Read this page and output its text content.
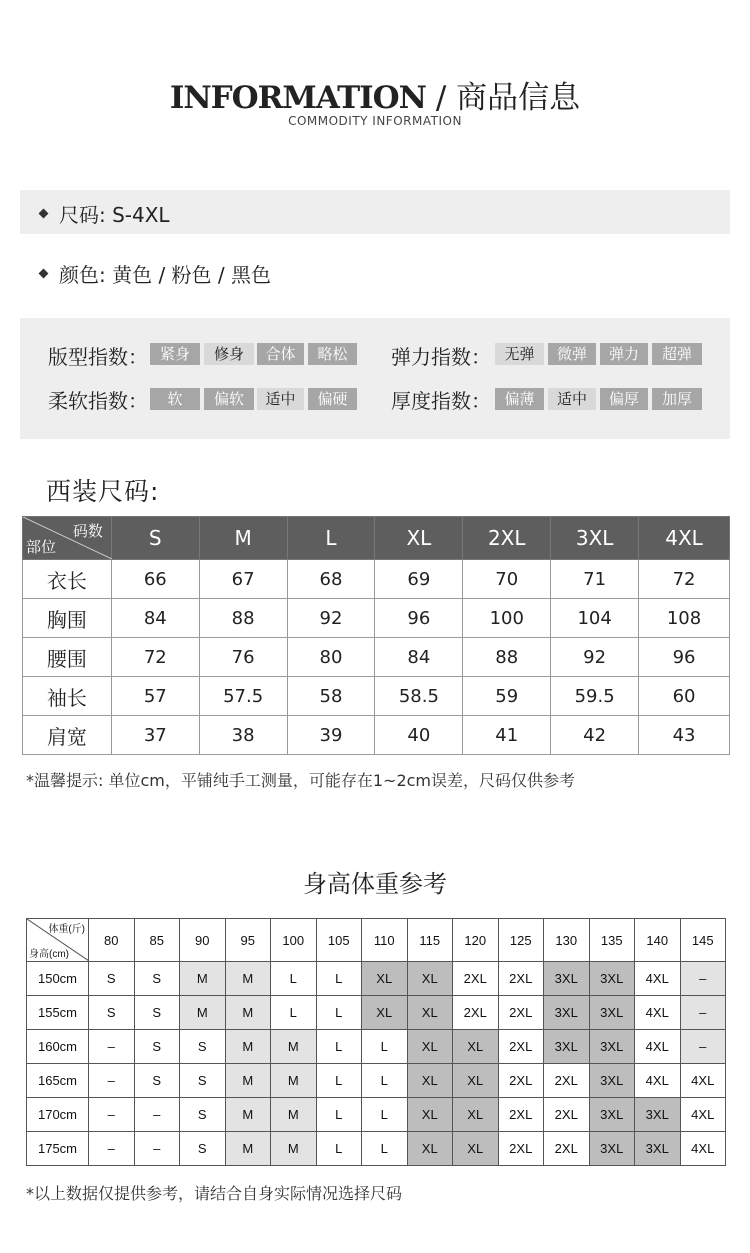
INFORMATION / 商品信息
COMMODITY INFORMATION
尺码: S-4XL
颜色: 黄色 / 粉色 / 黑色
版型指数：	弹力指数：
柔软指数：	厚度指数：
紧身	修身	合体	略松	无弹	微弹	弹力	超弹
软	偏软	适中	偏硬	偏薄	适中	偏厚	加厚
西装尺码:
码数
部位	S	M	L	XL	2XL	3XL	4XL
衣长	66	67	68	69	70	71	72
胸围	84	88	92	96	100	104	108
腰围	72	76	80	84	88	92	96
袖长	57	57.5	58	58.5	59	59.5	60
肩宽	37	38	39	40	41	42	43
*温馨提示: 单位cm，平铺纯手工测量，可能存在1~2cm误差，尺码仅供参考
身高体重参考
体重(斤)
身高(cm)	80	85	90	95	100	105	110	115	120	125	130	135	140	145
150cm	S	S	M	M	L	L	XL	XL	2XL	2XL	3XL	3XL	4XL	–
155cm	S	S	M	M	L	L	XL	XL	2XL	2XL	3XL	3XL	4XL	–
160cm	–	S	S	M	M	L	L	XL	XL	2XL	3XL	3XL	4XL	–
165cm	–	S	S	M	M	L	L	XL	XL	2XL	2XL	3XL	4XL	4XL
170cm	–	–	S	M	M	L	L	XL	XL	2XL	2XL	3XL	3XL	4XL
175cm	–	–	S	M	M	L	L	XL	XL	2XL	2XL	3XL	3XL	4XL
*以上数据仅提供参考，请结合自身实际情况选择尺码
